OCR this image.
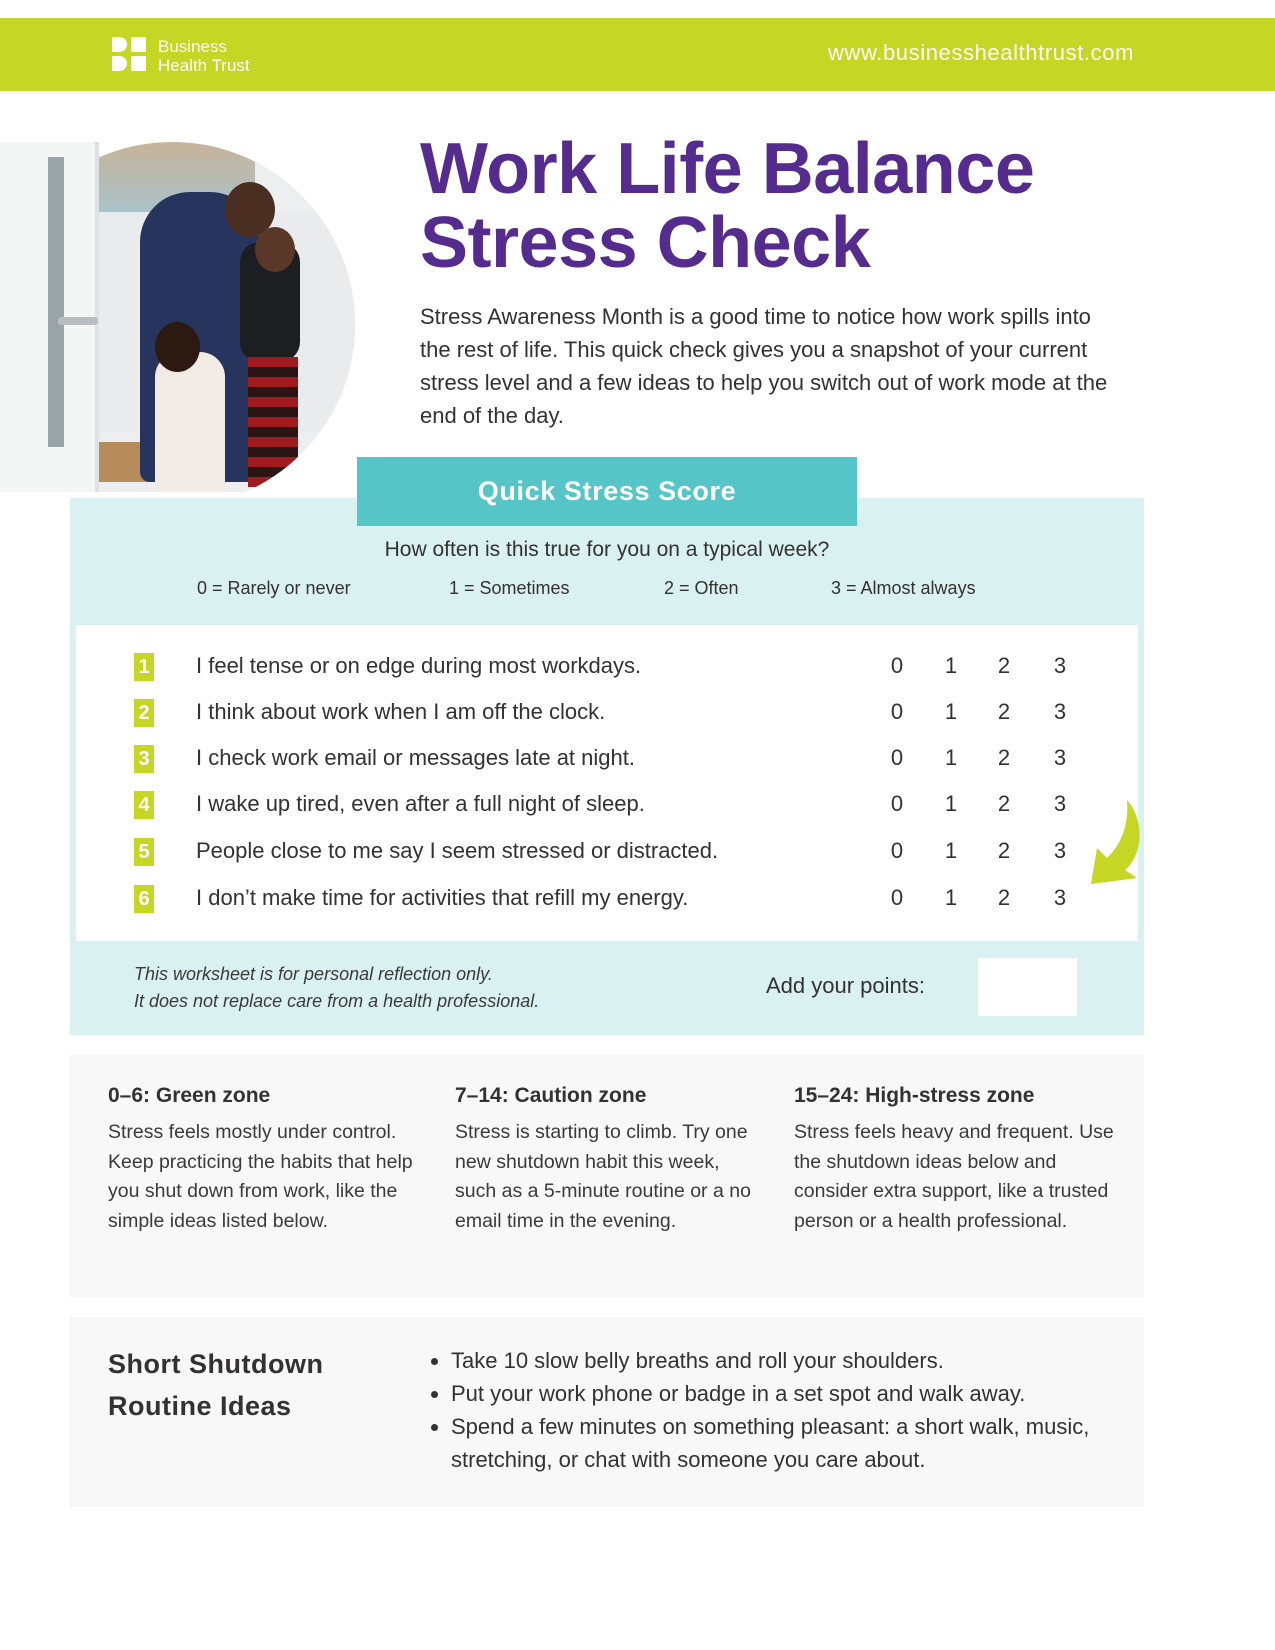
Business
Health Trust
www.businesshealthtrust.com
Work Life Balance
Stress Check
Stress Awareness Month is a good time to notice how work spills into the rest of life. This quick check gives you a snapshot of your current stress level and a few ideas to help you switch out of work mode at the end of the day.
Quick Stress Score
How often is this true for you on a typical week?
0 = Rarely or never	1 = Sometimes	2 = Often	3 = Almost always
1 I feel tense or on edge during most workdays.	0 1 2 3
2 I think about work when I am off the clock.	0 1 2 3
3 I check work email or messages late at night.	0 1 2 3
4 I wake up tired, even after a full night of sleep.	0 1 2 3
5 People close to me say I seem stressed or distracted.	0 1 2 3
6 I don’t make time for activities that refill my energy.	0 1 2 3
This worksheet is for personal reflection only.
It does not replace care from a health professional.
Add your points:
0–6: Green zone
Stress feels mostly under control. Keep practicing the habits that help you shut down from work, like the simple ideas listed below.
7–14: Caution zone
Stress is starting to climb. Try one new shutdown habit this week, such as a 5-minute routine or a no email time in the evening.
15–24: High-stress zone
Stress feels heavy and frequent. Use the shutdown ideas below and consider extra support, like a trusted person or a health professional.
Short Shutdown
Routine Ideas
• Take 10 slow belly breaths and roll your shoulders.
• Put your work phone or badge in a set spot and walk away.
• Spend a few minutes on something pleasant: a short walk, music, stretching, or chat with someone you care about.
